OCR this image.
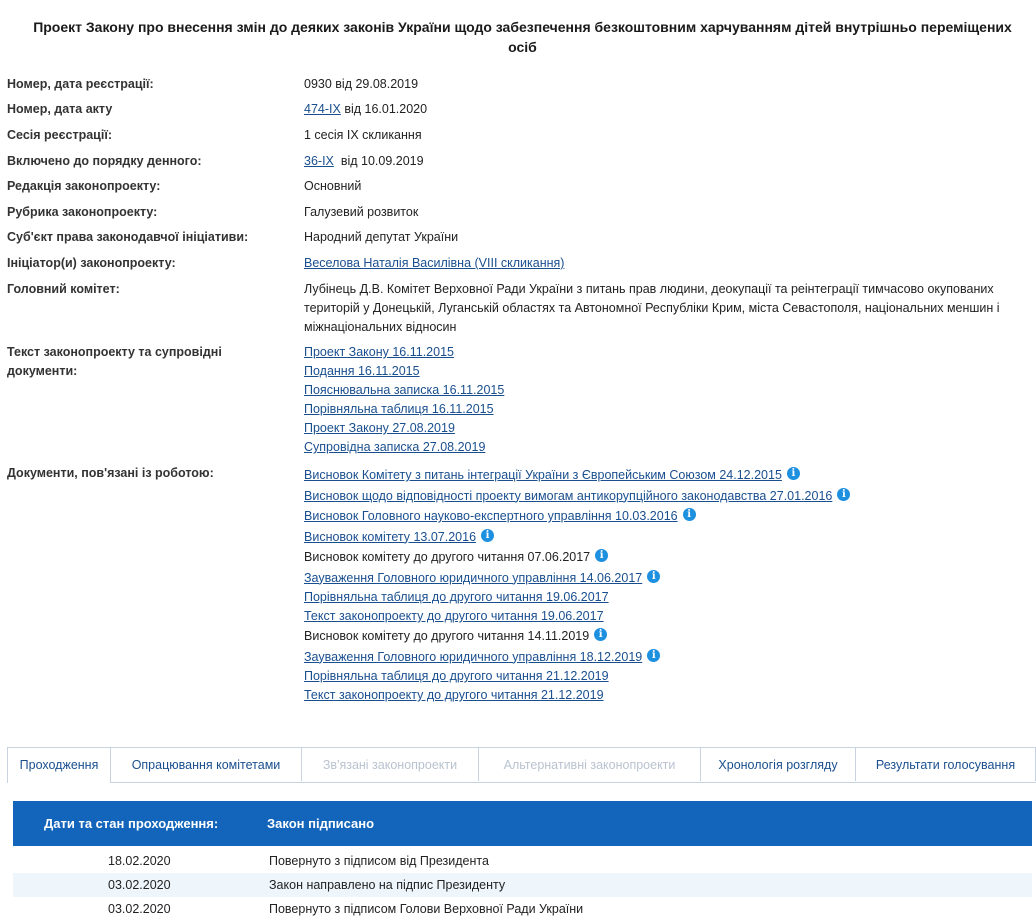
Проект Закону про внесення змін до деяких законів України щодо забезпечення безкоштовним харчуванням дітей внутрішньо переміщених осіб
Номер, дата реєстрації:	0930 від 29.08.2019
Номер, дата акту	474-IX від 16.01.2020
Сесія реєстрації:	1 сесія IX скликання
Включено до порядку денного:	36-IX  від 10.09.2019
Редакція законопроекту:	Основний
Рубрика законопроекту:	Галузевий розвиток
Суб'єкт права законодавчої ініціативи:	Народний депутат України
Ініціатор(и) законопроекту:	Веселова Наталія Василівна (VIII скликання)
Головний комітет:	Лубінець Д.В. Комітет Верховної Ради України з питань прав людини, деокупації та реінтеграції тимчасово окупованих територій у Донецькій, Луганській областях та Автономної Республіки Крим, міста Севастополя, національних меншин і міжнаціональних відносин
Текст законопроекту та супровідні документи:
Проект Закону 16.11.2015
Подання 16.11.2015
Пояснювальна записка 16.11.2015
Порівняльна таблиця 16.11.2015
Проект Закону 27.08.2019
Супровідна записка 27.08.2019
Документи, пов'язані із роботою:	Висновок Комітету з питань інтеграції України з Європейським Союзом 24.12.2015 i
Висновок щодо відповідності проекту вимогам антикорупційного законодавства 27.01.2016 i
Висновок Головного науково-експертного управління 10.03.2016 i
Висновок комітету 13.07.2016 i
Висновок комітету до другого читання 07.06.2017 i
Зауваження Головного юридичного управління 14.06.2017 i
Порівняльна таблиця до другого читання 19.06.2017
Текст законопроекту до другого читання 19.06.2017
Висновок комітету до другого читання 14.11.2019 i
Зауваження Головного юридичного управління 18.12.2019 i
Порівняльна таблиця до другого читання 21.12.2019
Текст законопроекту до другого читання 21.12.2019
Проходження	Опрацювання комітетами	Зв'язані законопроекти	Альтернативні законопроекти	Хронологія розгляду	Результати голосування
Дати та стан проходження:	Закон підписано
18.02.2020	Повернуто з підписом від Президента
03.02.2020	Закон направлено на підпис Президенту
03.02.2020	Повернуто з підписом Голови Верховної Ради України
